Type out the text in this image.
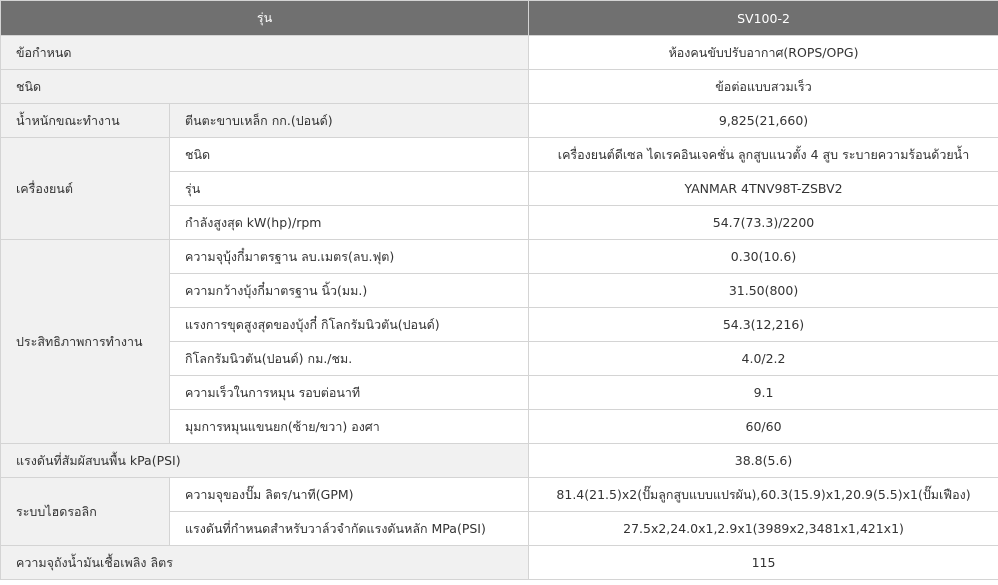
รุ่น		SV100-2
ข้อกำหนด		ห้องคนขับปรับอากาศ(ROPS/OPG)
ชนิด		ข้อต่อแบบสวมเร็ว
น้ำหนักขณะทำงาน	ตีนตะขาบเหล็ก กก.(ปอนด์)	9,825(21,660)
เครื่องยนต์	ชนิด	เครื่องยนต์ดีเซล ไดเรคอินเจคชั่น ลูกสูบแนวตั้ง 4 สูบ ระบายความร้อนด้วยน้ำ
	รุ่น	YANMAR 4TNV98T-ZSBV2
	กำลังสูงสุด kW(hp)/rpm	54.7(73.3)/2200
ประสิทธิภาพการทำงาน	ความจุบุ้งกี๋มาตรฐาน ลบ.เมตร(ลบ.ฟุต)	0.30(10.6)
	ความกว้างบุ้งกี๋มาตรฐาน นิ้ว(มม.)	31.50(800)
	แรงการขุดสูงสุดของบุ้งกี๋ กิโลกรัมนิวตัน(ปอนด์)	54.3(12,216)
	กิโลกรัมนิวตัน(ปอนด์) กม./ชม.	4.0/2.2
	ความเร็วในการหมุน รอบต่อนาที	9.1
	มุมการหมุนแขนยก(ซ้าย/ขวา) องศา	60/60
แรงดันที่สัมผัสบนพื้น kPa(PSI)		38.8(5.6)
ระบบไฮดรอลิก	ความจุของปั๊ม ลิตร/นาที(GPM)	81.4(21.5)x2(ปั๊มลูกสูบแบบแปรผัน),60.3(15.9)x1,20.9(5.5)x1(ปั๊มเฟือง)
	แรงดันที่กำหนดสำหรับวาล์วจำกัดแรงดันหลัก MPa(PSI)	27.5x2,24.0x1,2.9x1(3989x2,3481x1,421x1)
ความจุถังน้ำมันเชื้อเพลิง ลิตร		115
